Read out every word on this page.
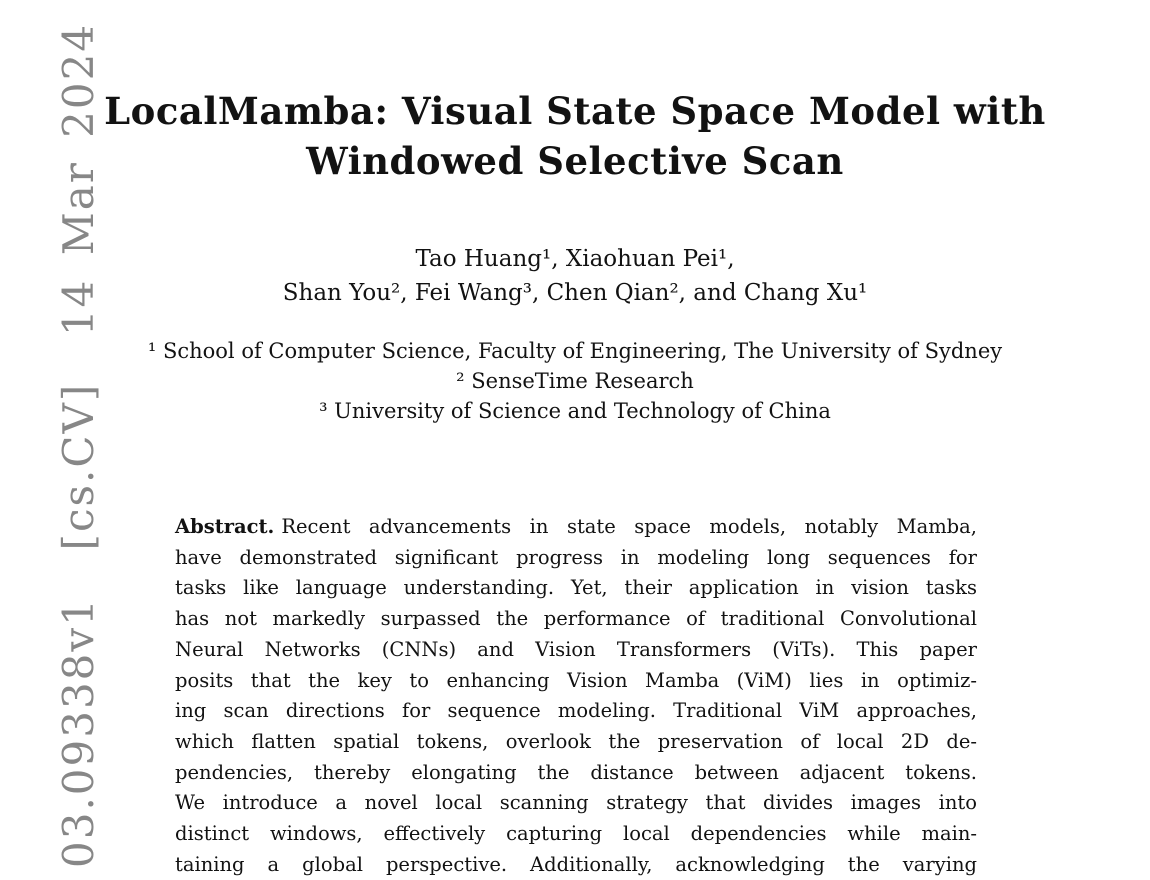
03.09338v1  [cs.CV]  14 Mar 2024 LocalMamba: Visual State Space Model with
Windowed Selective Scan
Tao Huang¹, Xiaohuan Pei¹,
Shan You², Fei Wang³, Chen Qian², and Chang Xu¹
¹ School of Computer Science, Faculty of Engineering, The University of Sydney
² SenseTime Research
³ University of Science and Technology of China
Abstract. Recent advancements in state space models, notably Mamba,
have demonstrated significant progress in modeling long sequences for
tasks like language understanding. Yet, their application in vision tasks
has not markedly surpassed the performance of traditional Convolutional
Neural Networks (CNNs) and Vision Transformers (ViTs). This paper
posits that the key to enhancing Vision Mamba (ViM) lies in optimiz-
ing scan directions for sequence modeling. Traditional ViM approaches,
which flatten spatial tokens, overlook the preservation of local 2D de-
pendencies, thereby elongating the distance between adjacent tokens.
We introduce a novel local scanning strategy that divides images into
distinct windows, effectively capturing local dependencies while main-
taining a global perspective. Additionally, acknowledging the varying
